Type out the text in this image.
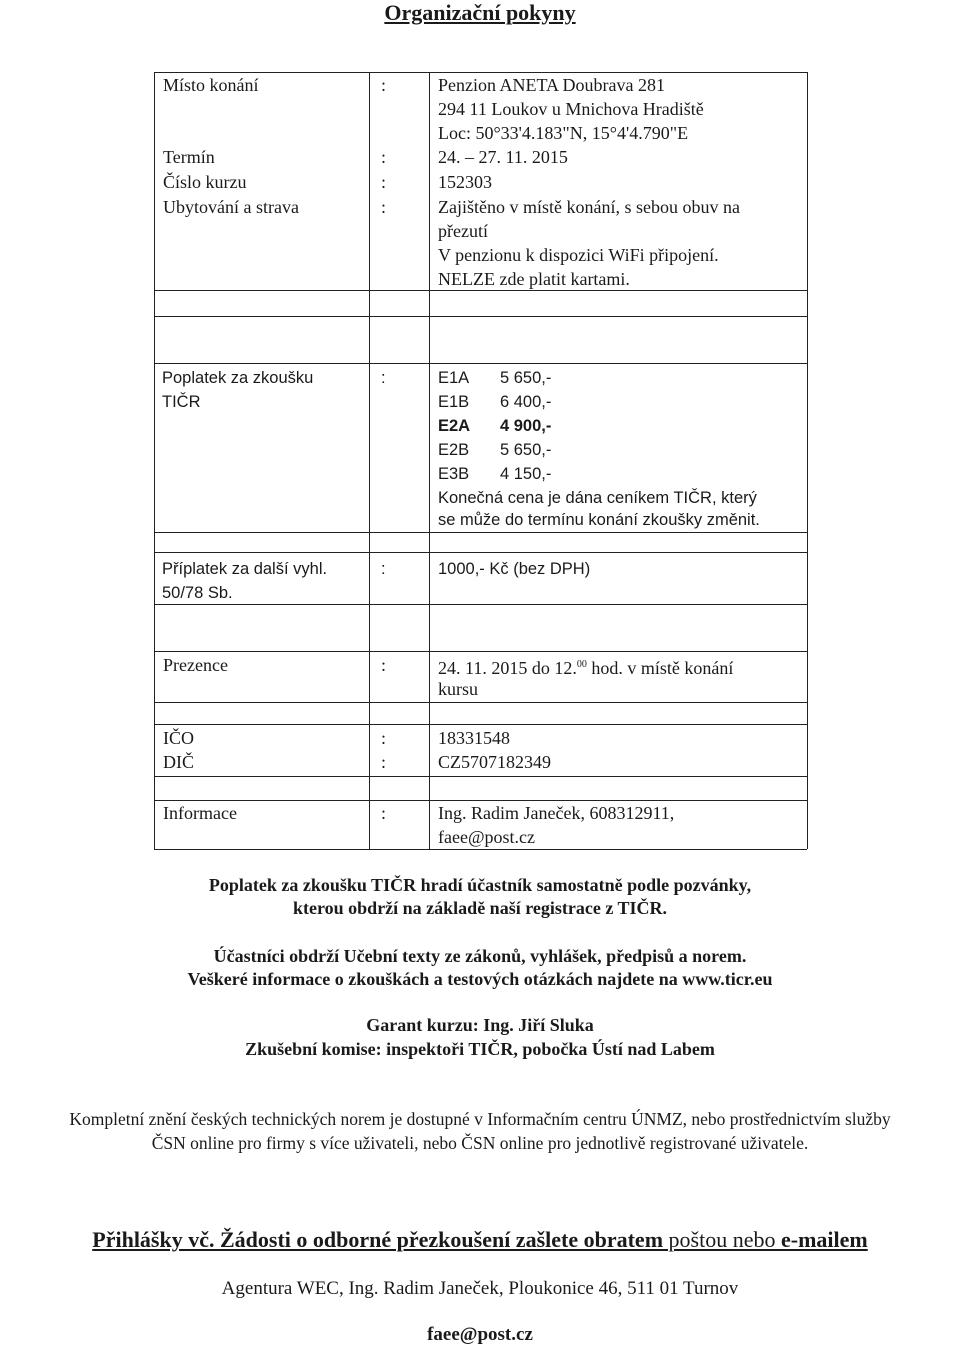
Organizační pokyny
Místo konání	:	Penzion ANETA Doubrava 281
294 11 Loukov u Mnichova Hradiště
Loc: 50°33'4.183"N, 15°4'4.790"E
Termín	:	24. – 27. 11. 2015
Číslo kurzu	:	152303
Ubytování a strava	:	Zajištěno v místě konání, s sebou obuv na
přezutí
V penzionu k dispozici WiFi připojení.
NELZE zde platit kartami.
Poplatek za zkoušku
TIČR
:	E1A 5 650,-
E1B 6 400,-
E2A 4 900,-
E2B 5 650,-
E3B 4 150,-
Konečná cena je dána ceníkem TIČR, který
se může do termínu konání zkoušky změnit.
Příplatek za další vyhl.
50/78 Sb.
:	1000,- Kč (bez DPH)
Prezence	:	24. 11. 2015 do 12.00 hod. v místě konání
kursu
IČO	:	18331548
DIČ	:	CZ5707182349
Informace	:	Ing. Radim Janeček, 608312911,
faee@post.cz
Poplatek za zkoušku TIČR hradí účastník samostatně podle pozvánky,
kterou obdrží na základě naší registrace z TIČR.
Účastníci obdrží Učební texty ze zákonů, vyhlášek, předpisů a norem.
Veškeré informace o zkouškách a testových otázkách najdete na www.ticr.eu
Garant kurzu: Ing. Jiří Sluka
Zkušební komise: inspektoři TIČR, pobočka Ústí nad Labem
Kompletní znění českých technických norem je dostupné v Informačním centru ÚNMZ, nebo prostřednictvím služby
ČSN online pro firmy s více uživateli, nebo ČSN online pro jednotlivě registrované uživatele.
Přihlášky vč. Žádosti o odborné přezkoušení zašlete obratem poštou nebo e-mailem
Agentura WEC, Ing. Radim Janeček, Ploukonice 46, 511 01 Turnov
faee@post.cz
